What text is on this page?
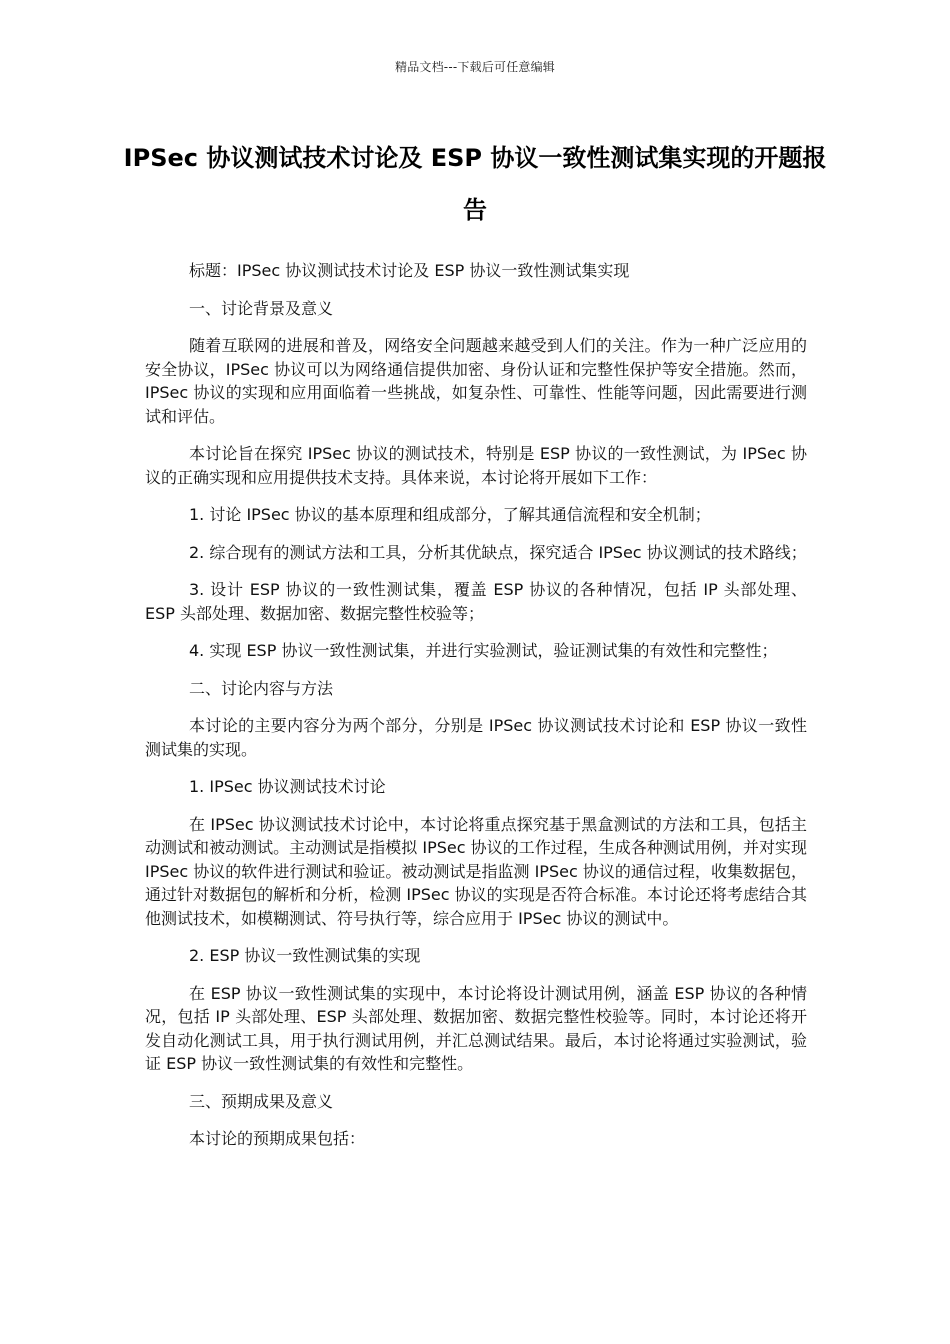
精品文档---下载后可任意编辑
IPSec 协议测试技术讨论及 ESP 协议一致性测试集实现的开题报告

标题：IPSec 协议测试技术讨论及 ESP 协议一致性测试集实现

一、讨论背景及意义

随着互联网的进展和普及，网络安全问题越来越受到人们的关注。作为一种广泛应用的安全协议，IPSec 协议可以为网络通信提供加密、身份认证和完整性保护等安全措施。然而，IPSec 协议的实现和应用面临着一些挑战，如复杂性、可靠性、性能等问题，因此需要进行测试和评估。

本讨论旨在探究 IPSec 协议的测试技术，特别是 ESP 协议的一致性测试，为 IPSec 协议的正确实现和应用提供技术支持。具体来说，本讨论将开展如下工作：

1. 讨论 IPSec 协议的基本原理和组成部分，了解其通信流程和安全机制；

2. 综合现有的测试方法和工具，分析其优缺点，探究适合 IPSec 协议测试的技术路线；

3. 设计 ESP 协议的一致性测试集，覆盖 ESP 协议的各种情况，包括 IP 头部处理、ESP 头部处理、数据加密、数据完整性校验等；

4. 实现 ESP 协议一致性测试集，并进行实验测试，验证测试集的有效性和完整性；

二、讨论内容与方法

本讨论的主要内容分为两个部分，分别是 IPSec 协议测试技术讨论和 ESP 协议一致性测试集的实现。

1. IPSec 协议测试技术讨论

在 IPSec 协议测试技术讨论中，本讨论将重点探究基于黑盒测试的方法和工具，包括主动测试和被动测试。主动测试是指模拟 IPSec 协议的工作过程，生成各种测试用例，并对实现 IPSec 协议的软件进行测试和验证。被动测试是指监测 IPSec 协议的通信过程，收集数据包，通过针对数据包的解析和分析，检测 IPSec 协议的实现是否符合标准。本讨论还将考虑结合其他测试技术，如模糊测试、符号执行等，综合应用于 IPSec 协议的测试中。

2. ESP 协议一致性测试集的实现

在 ESP 协议一致性测试集的实现中，本讨论将设计测试用例，涵盖 ESP 协议的各种情况，包括 IP 头部处理、ESP 头部处理、数据加密、数据完整性校验等。同时，本讨论还将开发自动化测试工具，用于执行测试用例，并汇总测试结果。最后，本讨论将通过实验测试，验证 ESP 协议一致性测试集的有效性和完整性。

三、预期成果及意义

本讨论的预期成果包括：
